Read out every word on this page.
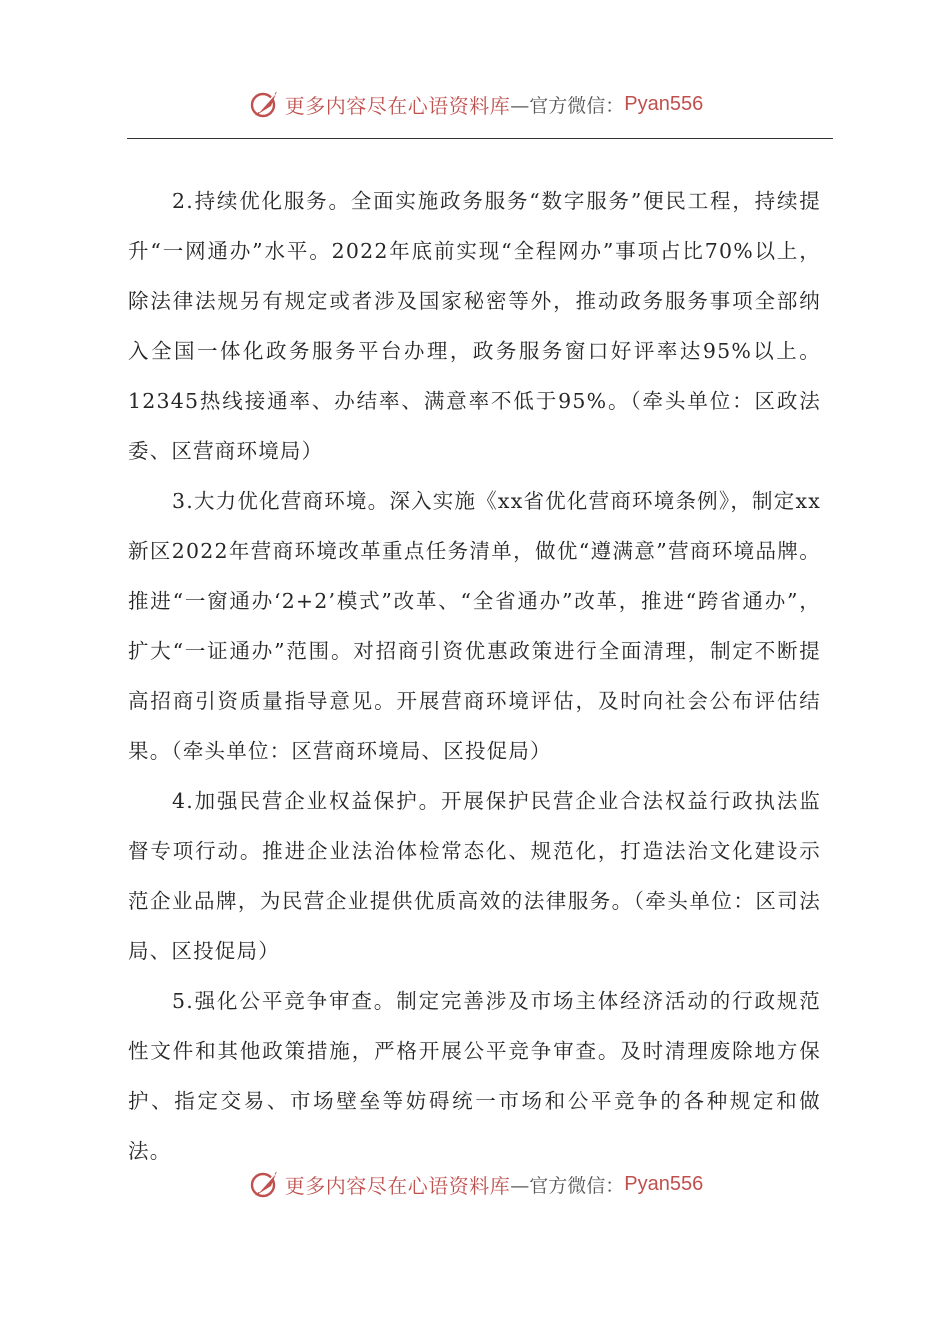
更多内容尽在心语资料库 —官方微信： Pyan556

2.持续优化服务。全面实施政务服务“数字服务”便民工程，持续提升“一网通办”水平。2022年底前实现“全程网办”事项占比70%以上，除法律法规另有规定或者涉及国家秘密等外，推动政务服务事项全部纳入全国一体化政务服务平台办理，政务服务窗口好评率达95%以上。12345热线接通率、办结率、满意率不低于95%。（牵头单位：区政法委、区营商环境局）

3.大力优化营商环境。深入实施《xx省优化营商环境条例》，制定xx新区2022年营商环境改革重点任务清单，做优“遵满意”营商环境品牌。推进“一窗通办‘2+2’模式”改革、“全省通办”改革，推进“跨省通办”，扩大“一证通办”范围。对招商引资优惠政策进行全面清理，制定不断提高招商引资质量指导意见。开展营商环境评估，及时向社会公布评估结果。（牵头单位：区营商环境局、区投促局）

4.加强民营企业权益保护。开展保护民营企业合法权益行政执法监督专项行动。推进企业法治体检常态化、规范化，打造法治文化建设示范企业品牌，为民营企业提供优质高效的法律服务。（牵头单位：区司法局、区投促局）

5.强化公平竞争审查。制定完善涉及市场主体经济活动的行政规范性文件和其他政策措施，严格开展公平竞争审查。及时清理废除地方保护、指定交易、市场壁垒等妨碍统一市场和公平竞争的各种规定和做法。

更多内容尽在心语资料库 —官方微信： Pyan556
